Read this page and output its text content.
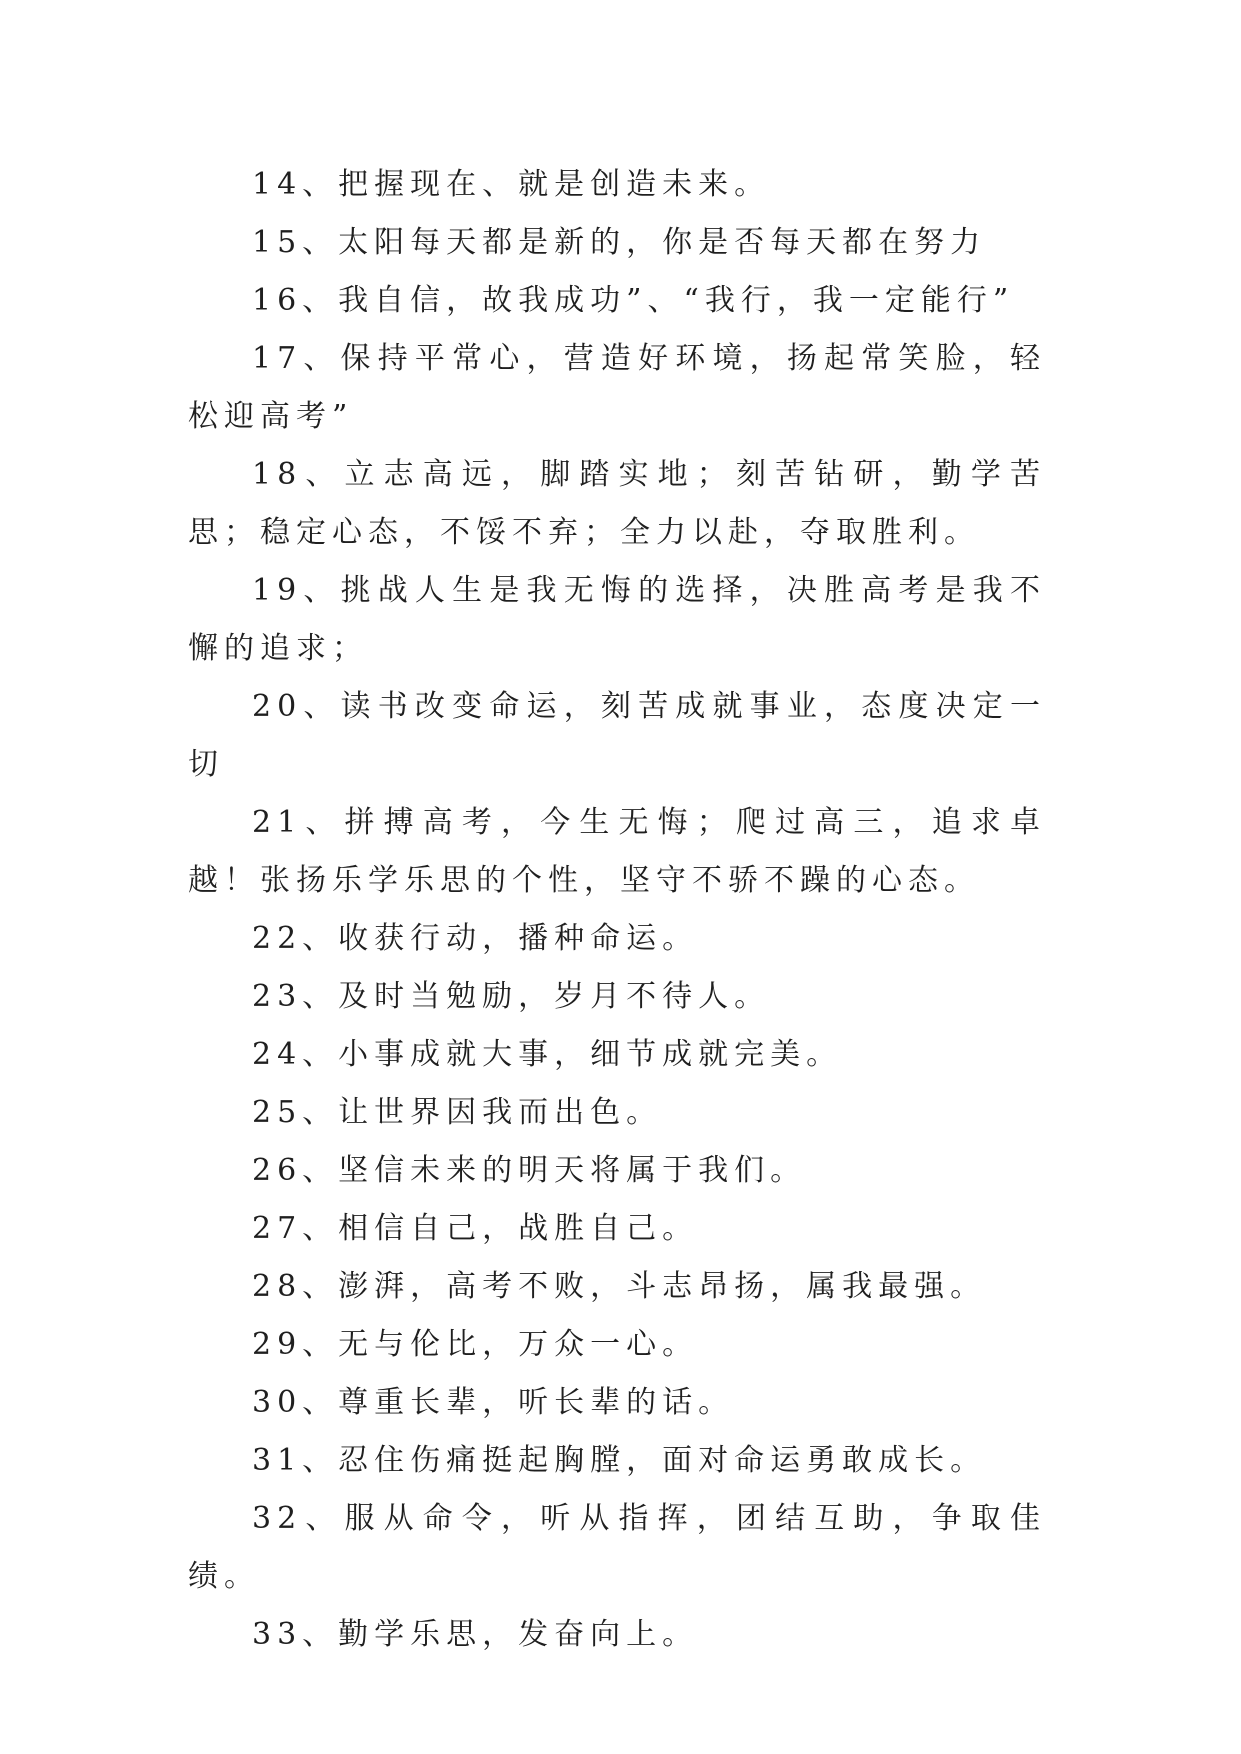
14、把握现在、就是创造未来。

15、太阳每天都是新的，你是否每天都在努力

16、我自信，故我成功”、“我行，我一定能行”

17、保持平常心，营造好环境，扬起常笑脸，轻松迎高考”

18、立志高远，脚踏实地；刻苦钻研，勤学苦思；稳定心态，不馁不弃；全力以赴，夺取胜利。

19、挑战人生是我无悔的选择，决胜高考是我不懈的追求；

20、读书改变命运，刻苦成就事业，态度决定一切

21、拼搏高考，今生无悔；爬过高三，追求卓越！张扬乐学乐思的个性，坚守不骄不躁的心态。

22、收获行动，播种命运。

23、及时当勉励，岁月不待人。

24、小事成就大事，细节成就完美。

25、让世界因我而出色。

26、坚信未来的明天将属于我们。

27、相信自己，战胜自己。

28、澎湃，高考不败，斗志昂扬，属我最强。

29、无与伦比，万众一心。

30、尊重长辈，听长辈的话。

31、忍住伤痛挺起胸膛，面对命运勇敢成长。

32、服从命令，听从指挥，团结互助，争取佳绩。

33、勤学乐思，发奋向上。
